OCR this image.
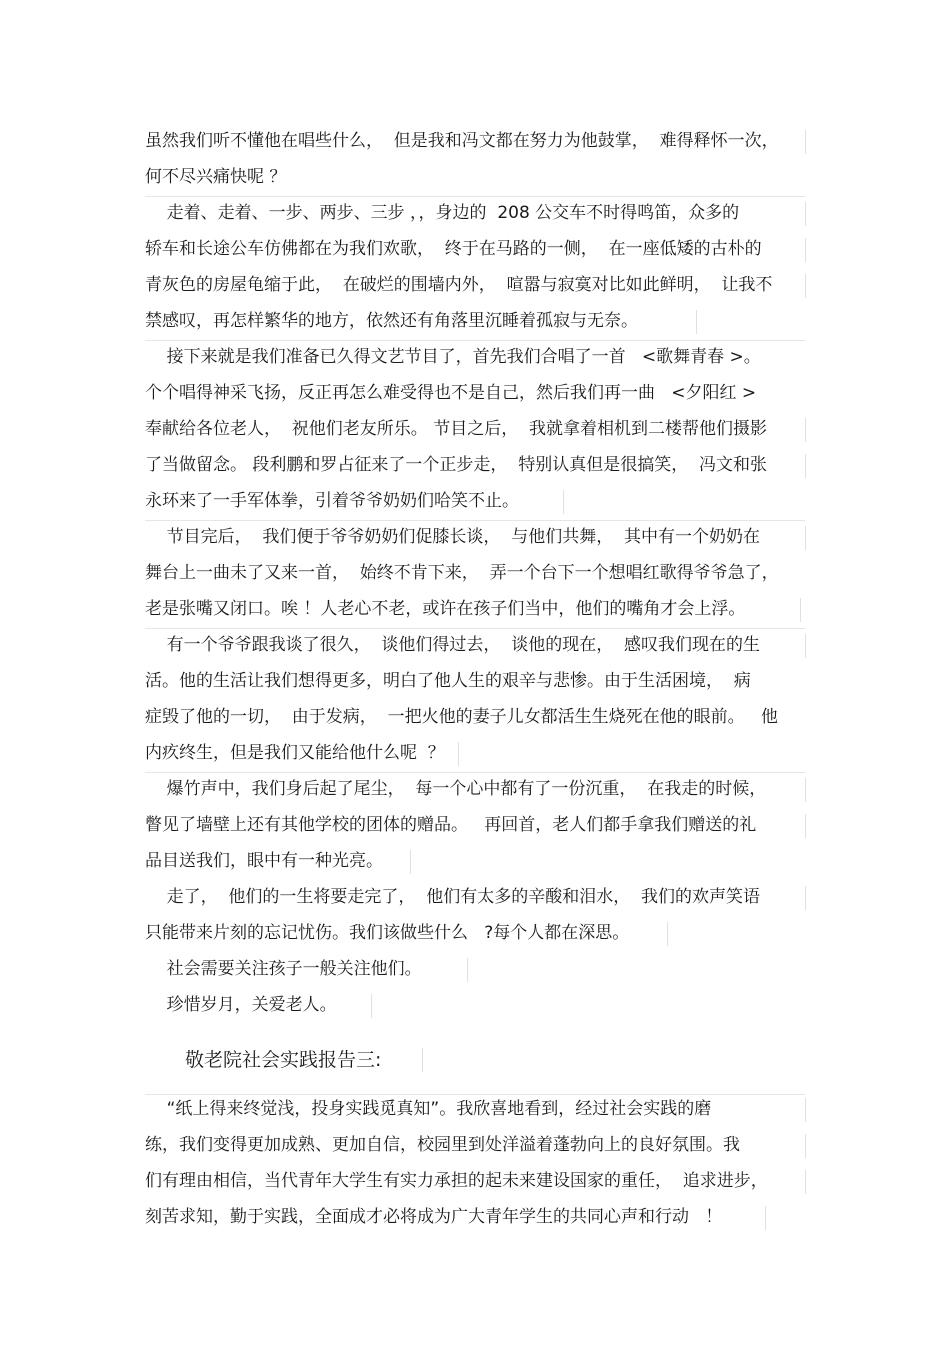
虽然我们听不懂他在唱些什么，  但是我和冯文都在努力为他鼓掌，  难得释怀一次，

何不尽兴痛快呢 ？

走着、走着、一步、两步、三步 ，，身边的  208 公交车不时得鸣笛，众多的

轿车和长途公车仿佛都在为我们欢歌，  终于在马路的一侧，  在一座低矮的古朴的

青灰色的房屋龟缩于此，  在破烂的围墙内外，  喧嚣与寂寞对比如此鲜明，  让我不

禁感叹，再怎样繁华的地方，依然还有角落里沉睡着孤寂与无奈。

接下来就是我们准备已久得文艺节目了，首先我们合唱了一首   <歌舞青春 >。

个个唱得神采飞扬，反正再怎么难受得也不是自己，然后我们再一曲   <夕阳红 >

奉献给各位老人，  祝他们老友所乐。 节目之后，  我就拿着相机到二楼帮他们摄影

了当做留念。 段利鹏和罗占征来了一个正步走，  特别认真但是很搞笑，  冯文和张

永环来了一手军体拳，引着爷爷奶奶们哈笑不止。

节目完后，  我们便于爷爷奶奶们促膝长谈，  与他们共舞，  其中有一个奶奶在

舞台上一曲未了又来一首，  始终不肯下来，  弄一个台下一个想唱红歌得爷爷急了，

老是张嘴又闭口。唉 ！人老心不老，或许在孩子们当中，他们的嘴角才会上浮。

有一个爷爷跟我谈了很久，  谈他们得过去，  谈他的现在，  感叹我们现在的生

活。他的生活让我们想得更多，明白了他人生的艰辛与悲惨。由于生活困境，  病

症毁了他的一切，  由于发病，  一把火他的妻子儿女都活生生烧死在他的眼前。   他

内疚终生，但是我们又能给他什么呢  ？

爆竹声中，我们身后起了尾尘，  每一个心中都有了一份沉重，  在我走的时候，

瞥见了墙壁上还有其他学校的团体的赠品。   再回首，老人们都手拿我们赠送的礼

品目送我们，眼中有一种光亮。

走了，  他们的一生将要走完了，  他们有太多的辛酸和泪水，  我们的欢声笑语

只能带来片刻的忘记忧伤。我们该做些什么   ?每个人都在深思。

社会需要关注孩子一般关注他们。

珍惜岁月，关爱老人。

敬老院社会实践报告三:

“纸上得来终觉浅，投身实践觅真知”。我欣喜地看到，经过社会实践的磨

练，我们变得更加成熟、更加自信，校园里到处洋溢着蓬勃向上的良好氛围。我

们有理由相信，当代青年大学生有实力承担的起未来建设国家的重任，  追求进步，

刻苦求知，勤于实践，全面成才必将成为广大青年学生的共同心声和行动   ！
